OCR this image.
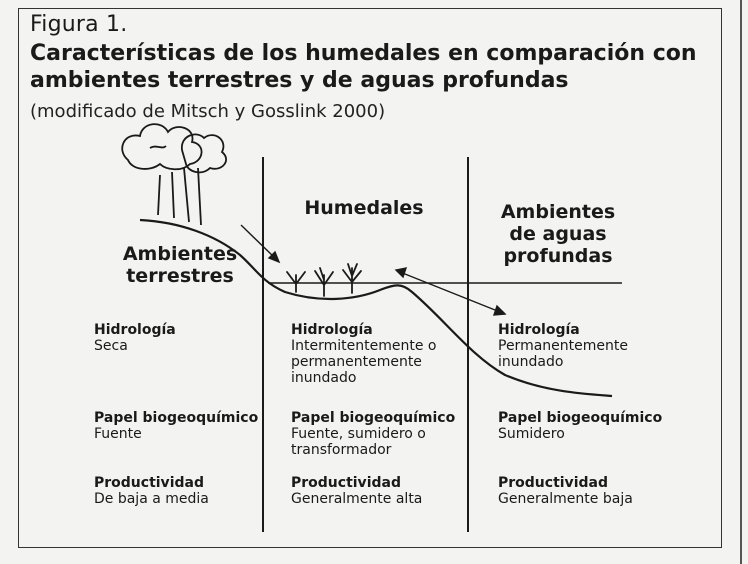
Figura 1.
Características de los humedales en comparación con ambientes terrestres y de aguas profundas
(modificado de Mitsch y Gosslink 2000)
Ambientes terrestres
Humedales	Ambientes
de aguas
profundas
Hidrología
Seca
Papel biogeoquímico
Fuente
Productividad
De baja a media
Hidrología
Intermitentemente o
permanentemente
inundado
Papel biogeoquímico
Fuente, sumidero o
transformador
Productividad
Generalmente alta
Hidrología
Permanentemente
inundado
Papel biogeoquímico
Sumidero
Productividad
Generalmente baja
